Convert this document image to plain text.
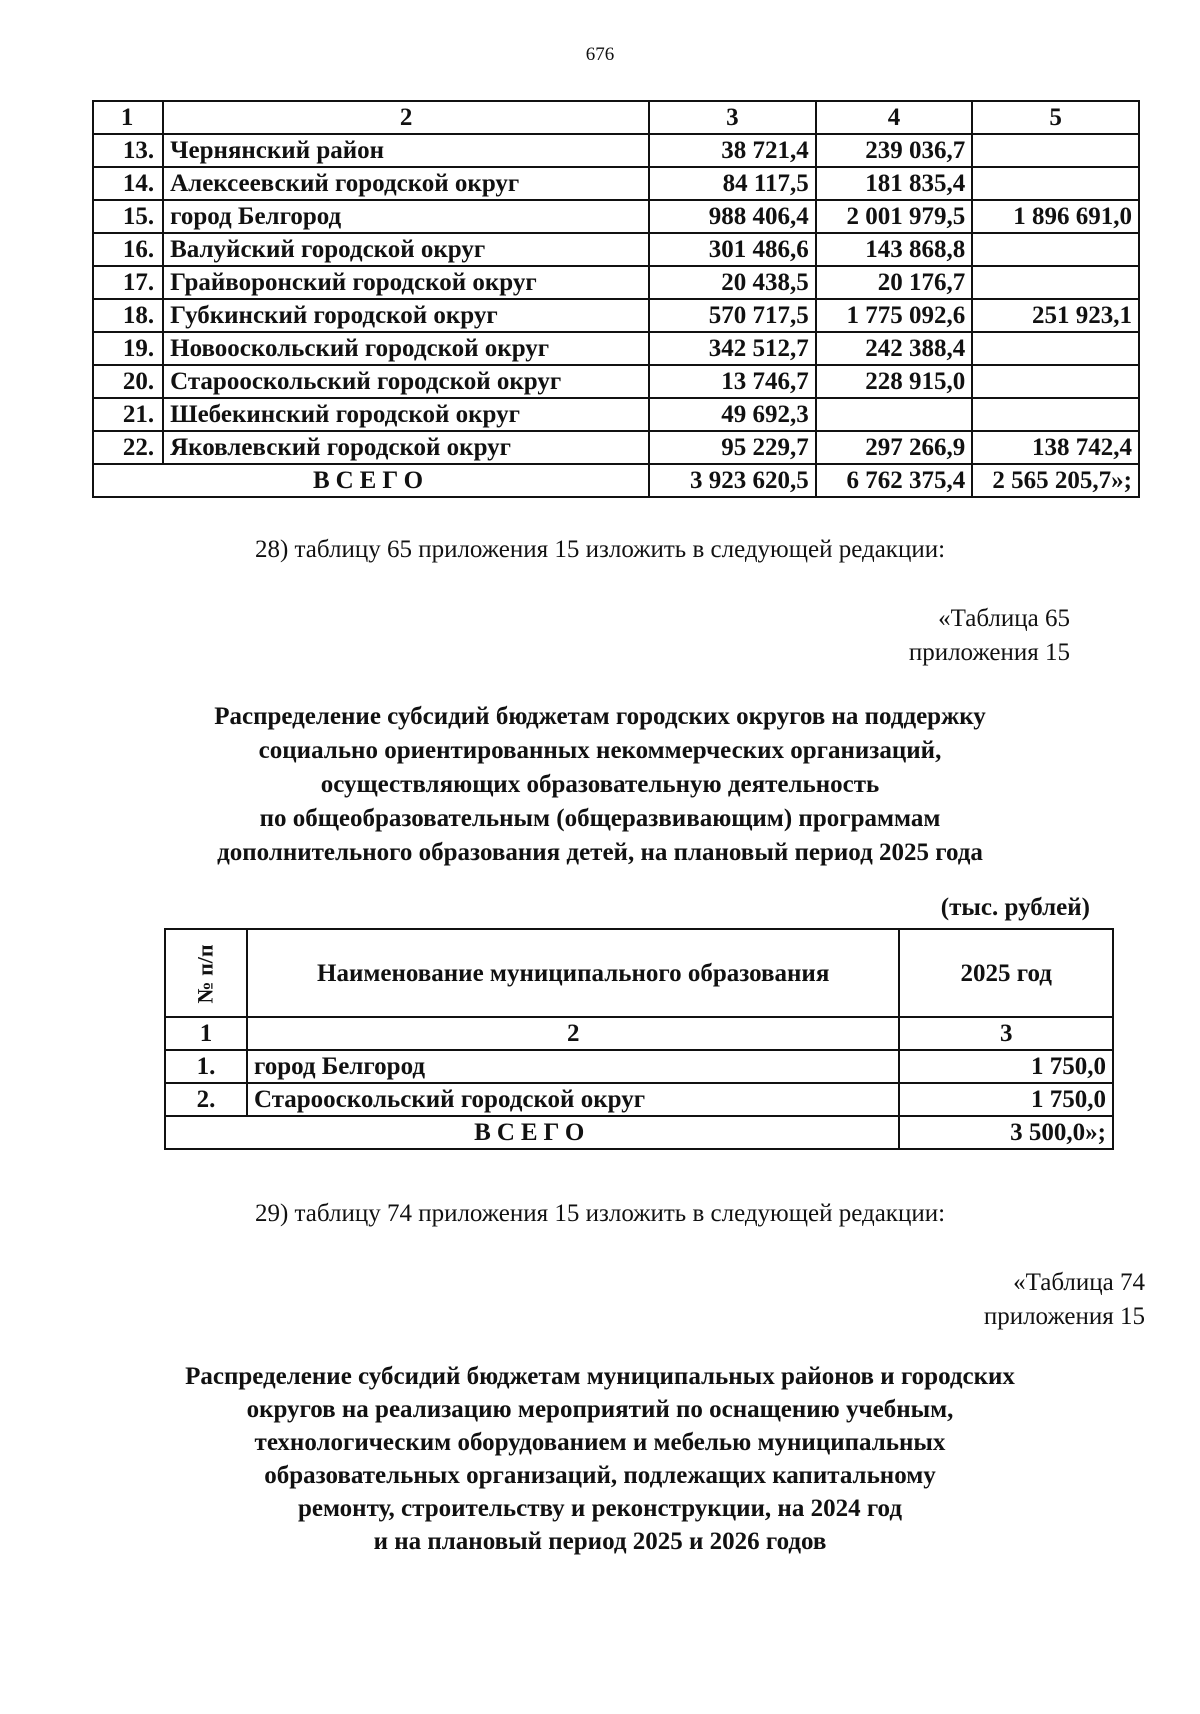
676
1	2	3	4	5
13.	Чернянский район	38 721,4	239 036,7	
14.	Алексеевский городской округ	84 117,5	181 835,4	
15.	город Белгород	988 406,4	2 001 979,5	1 896 691,0
16.	Валуйский городской округ	301 486,6	143 868,8	
17.	Грайворонский городской округ	20 438,5	20 176,7	
18.	Губкинский городской округ	570 717,5	1 775 092,6	251 923,1
19.	Новооскольский городской округ	342 512,7	242 388,4	
20.	Старооскольский городской округ	13 746,7	228 915,0	
21.	Шебекинский городской округ	49 692,3		
22.	Яковлевский городской округ	95 229,7	297 266,9	138 742,4
ВСЕГО		3 923 620,5	6 762 375,4	2 565 205,7»;
28) таблицу 65 приложения 15 изложить в следующей редакции:
«Таблица 65
приложения 15
Распределение субсидий бюджетам городских округов на поддержку
социально ориентированных некоммерческих организаций,
осуществляющих образовательную деятельность
по общеобразовательным (общеразвивающим) программам
дополнительного образования детей, на плановый период 2025 года
(тыс. рублей)
№ п/п	Наименование муниципального образования	2025 год
1	2	3
1.	город Белгород	1 750,0
2.	Старооскольский городской округ	1 750,0
ВСЕГО		3 500,0»;
29) таблицу 74 приложения 15 изложить в следующей редакции:
«Таблица 74
приложения 15
Распределение субсидий бюджетам муниципальных районов и городских
округов на реализацию мероприятий по оснащению учебным,
технологическим оборудованием и мебелью муниципальных
образовательных организаций, подлежащих капитальному
ремонту, строительству и реконструкции, на 2024 год
и на плановый период 2025 и 2026 годов
